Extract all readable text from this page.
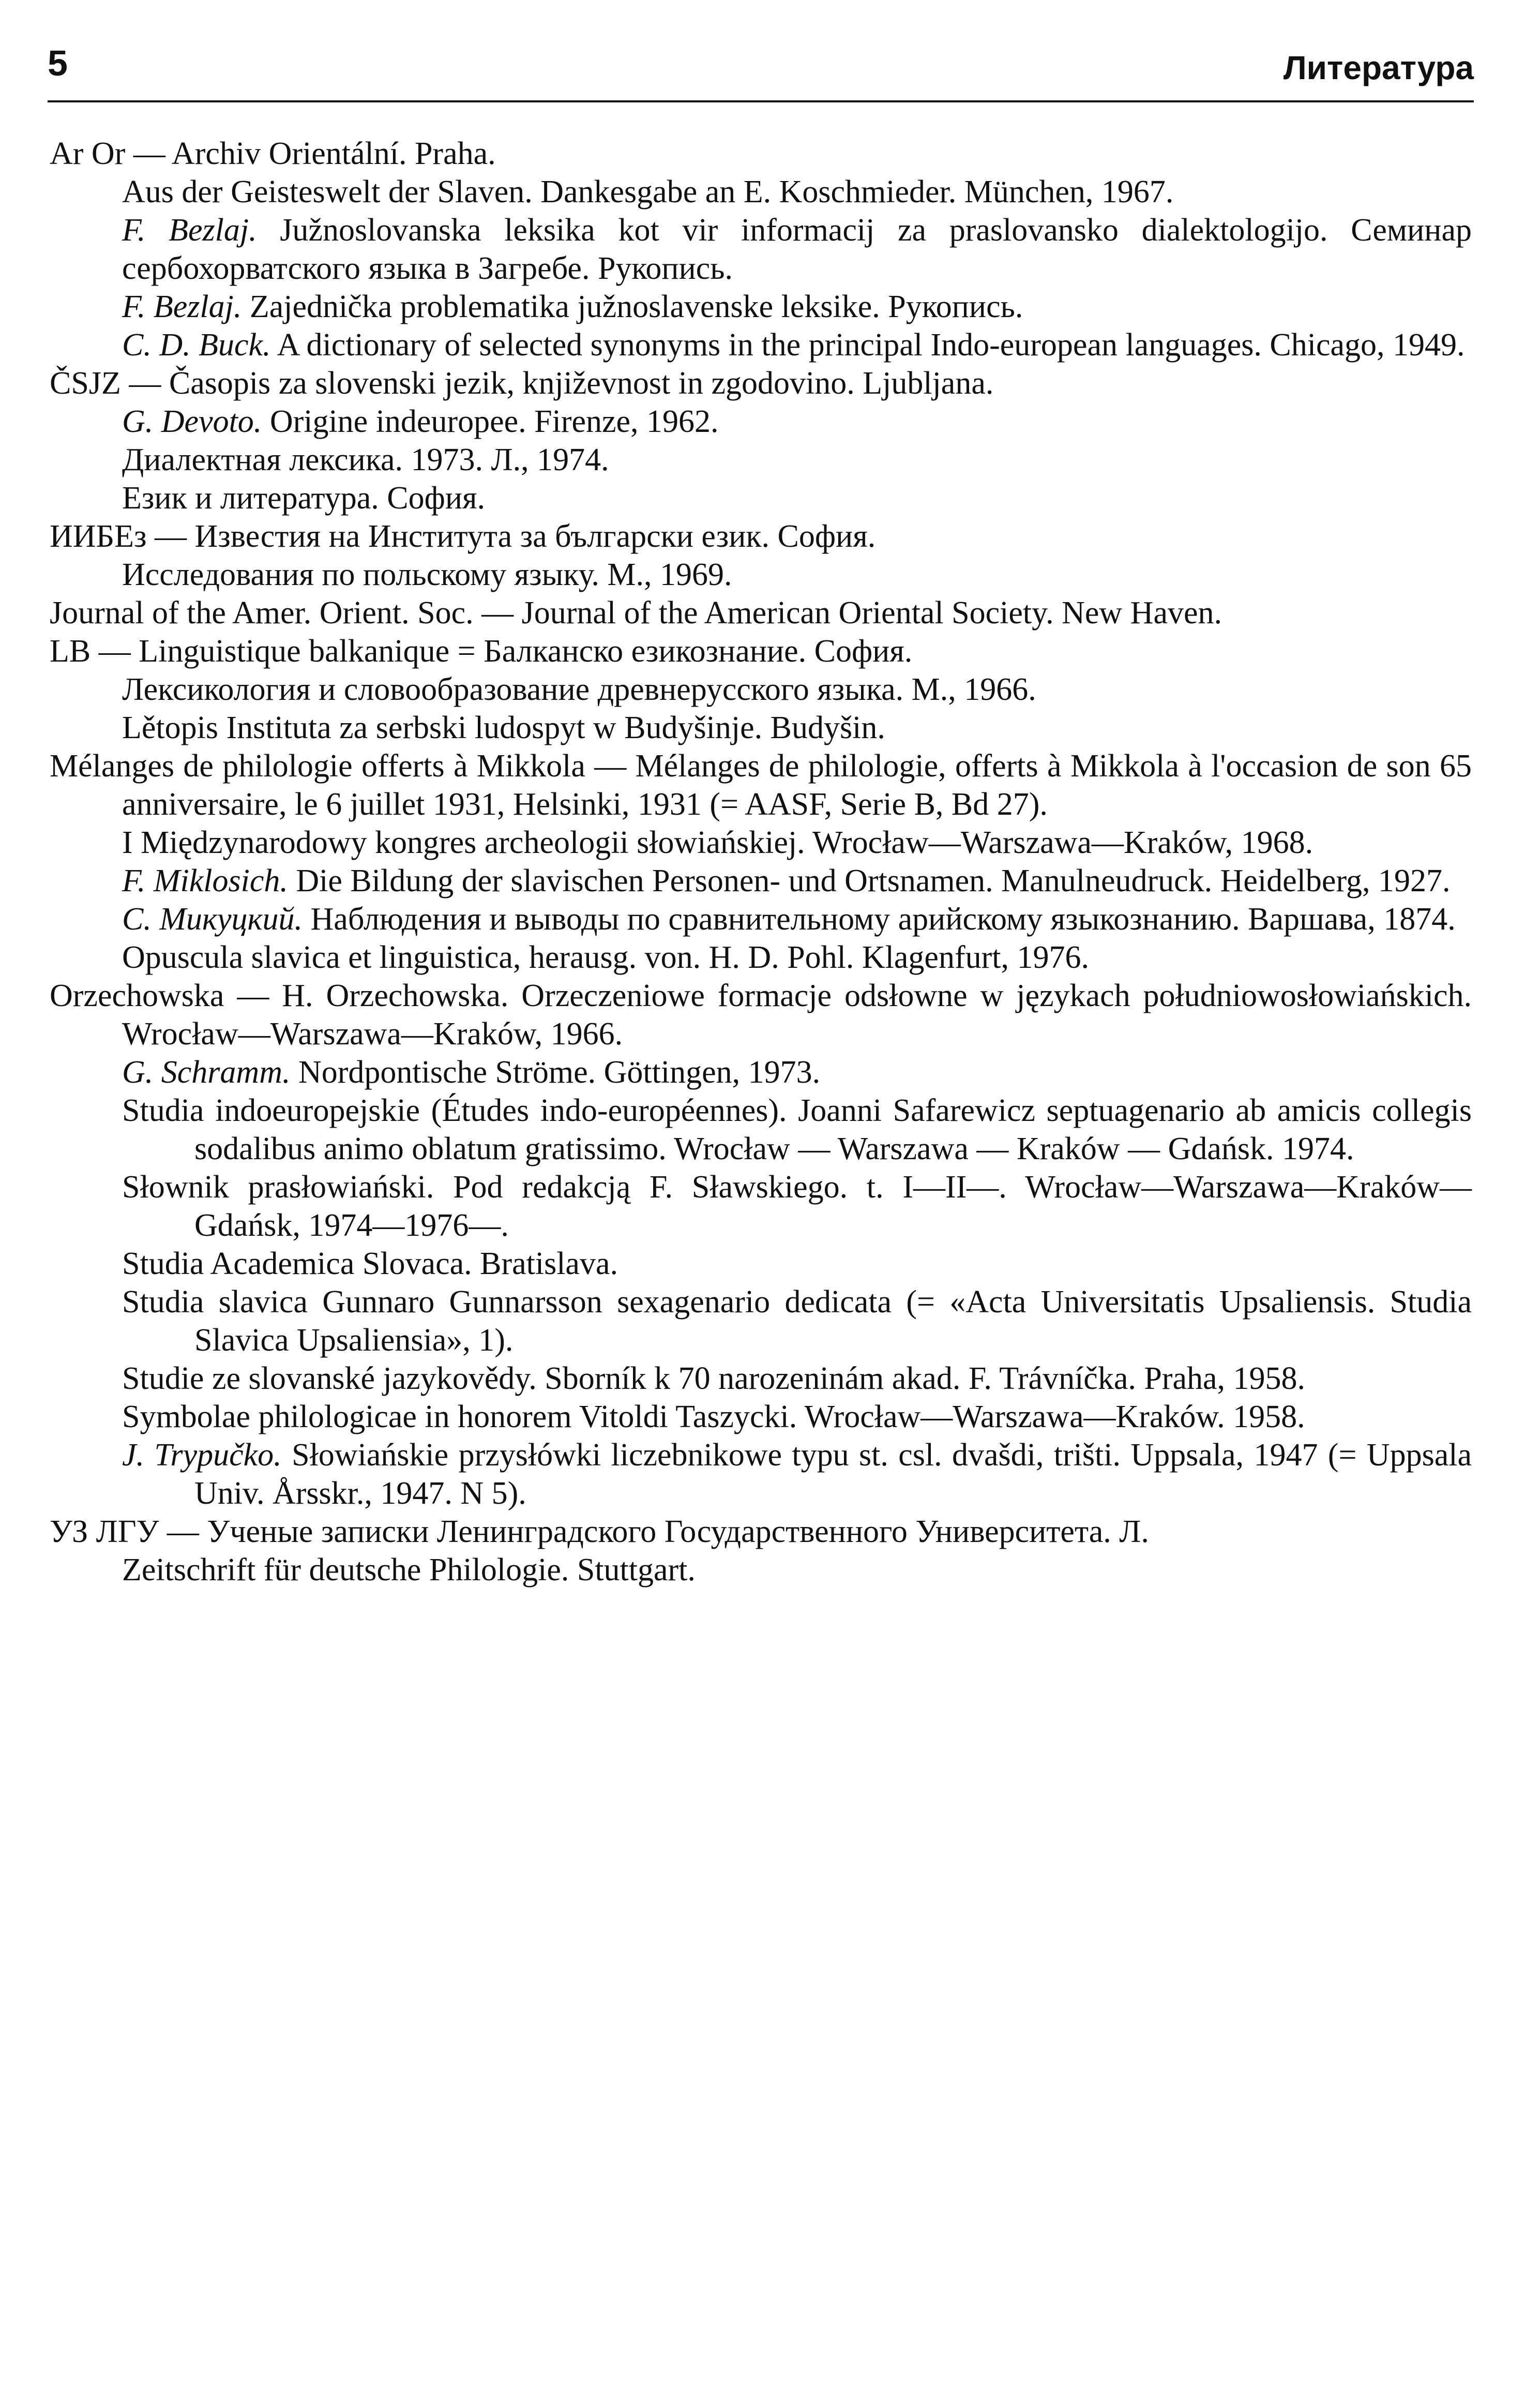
5	Литература

Ar Or — Archiv Orientální. Praha.

Aus der Geisteswelt der Slaven. Dankesgabe an E. Koschmieder. München, 1967.

F. Bezlaj. Južnoslovanska leksika kot vir informacij za praslovansko dialektologijo. Семинар сербохорватского языка в Загребе. Рукопись.

F. Bezlaj. Zajednička problematika južnoslavenske leksike. Рукопись.

C. D. Buck. A dictionary of selected synonyms in the principal Indo-european languages. Chicago, 1949.

ČSJZ — Časopis za slovenski jezik, književnost in zgodovino. Ljubljana.

G. Devoto. Origine indeuropee. Firenze, 1962.

Диалектная лексика. 1973. Л., 1974.

Език и литература. София.

ИИБЕз — Известия на Института за български език. София.

Исследования по польскому языку. М., 1969.

Journal of the Amer. Orient. Soc. — Journal of the American Oriental Society. New Haven.

LB — Linguistique balkanique = Балканско езикознание. София.

Лексикология и словообразование древнерусского языка. М., 1966.

Lětopis Instituta za serbski ludospyt w Budyšinje. Budyšin.

Mélanges de philologie offerts à Mikkola — Mélanges de philologie, offerts à Mikkola à l'occasion de son 65 anniversaire, le 6 juillet 1931, Helsinki, 1931 (= AASF, Serie B, Bd 27).

I Międzynarodowy kongres archeologii słowiańskiej. Wrocław—Warszawa—Kraków, 1968.

F. Miklosich. Die Bildung der slavischen Personen- und Ortsnamen. Manulneudruck. Heidelberg, 1927.

C. Микуцкий. Наблюдения и выводы по сравнительному арийскому языкознанию. Варшава, 1874.

Opuscula slavica et linguistica, herausg. von. H. D. Pohl. Klagenfurt, 1976.

Orzechowska — H. Orzechowska. Orzeczeniowe formacje odsłowne w językach południowosłowiańskich. Wrocław—Warszawa—Kraków, 1966.

G. Schramm. Nordpontische Ströme. Göttingen, 1973.

Studia indoeuropejskie (Études indo-européennes). Joanni Safarewicz septuagenario ab amicis collegis sodalibus animo oblatum gratissimo. Wrocław — Warszawa — Kraków — Gdańsk. 1974.

Słownik prasłowiański. Pod redakcją F. Sławskiego. t. I—II—. Wrocław—Warszawa—Kraków—Gdańsk, 1974—1976—.

Studia Academica Slovaca. Bratislava.

Studia slavica Gunnaro Gunnarsson sexagenario dedicata (= «Acta Universitatis Upsaliensis. Studia Slavica Upsaliensia», 1).

Studie ze slovanské jazykovědy. Sborník k 70 narozeninám akad. F. Trávníčka. Praha, 1958.

Symbolae philologicae in honorem Vitoldi Taszycki. Wrocław—Warszawa—Kraków. 1958.

J. Trypučko. Słowiańskie przysłówki liczebnikowe typu st. csl. dvašdi, trišti. Uppsala, 1947 (= Uppsala Univ. Årsskr., 1947. N 5).

УЗ ЛГУ — Ученые записки Ленинградского Государственного Университета. Л.

Zeitschrift für deutsche Philologie. Stuttgart.
